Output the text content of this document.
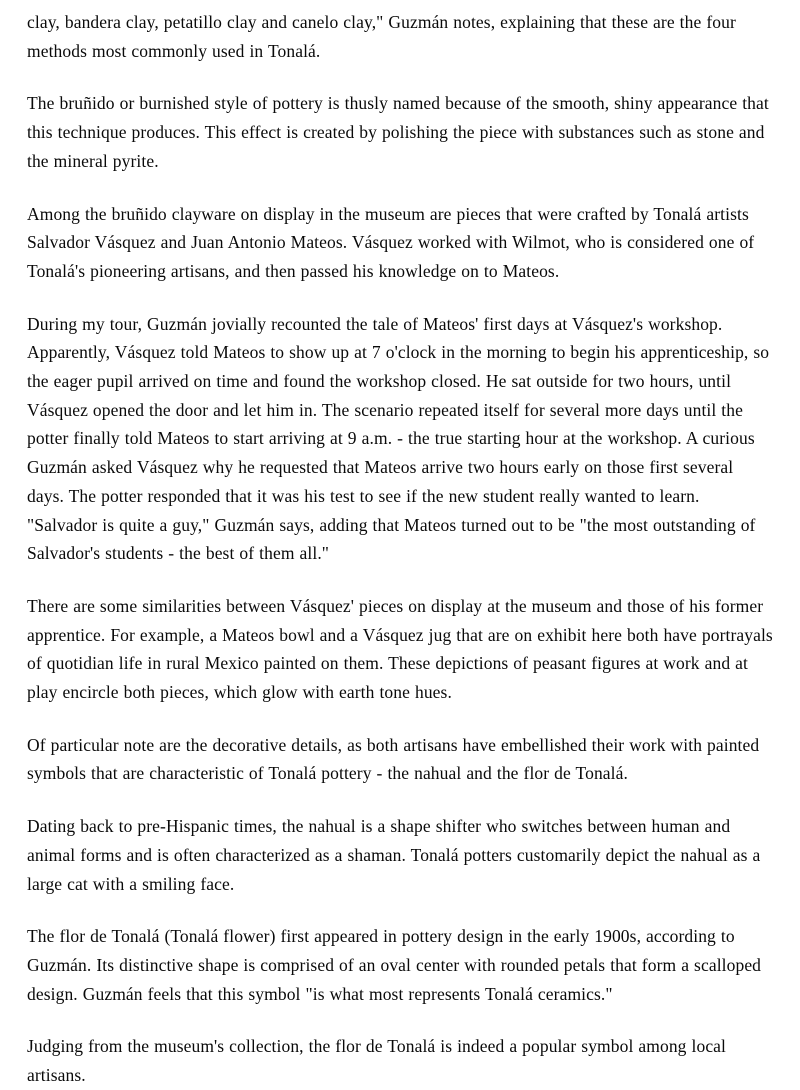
clay, bandera clay, petatillo clay and canelo clay," Guzmán notes, explaining that these are the four methods most commonly used in Tonalá.

The bruñido or burnished style of pottery is thusly named because of the smooth, shiny appearance that this technique produces. This effect is created by polishing the piece with substances such as stone and the mineral pyrite.

Among the bruñido clayware on display in the museum are pieces that were crafted by Tonalá artists Salvador Vásquez and Juan Antonio Mateos. Vásquez worked with Wilmot, who is considered one of Tonalá's pioneering artisans, and then passed his knowledge on to Mateos.

During my tour, Guzmán jovially recounted the tale of Mateos' first days at Vásquez's workshop. Apparently, Vásquez told Mateos to show up at 7 o'clock in the morning to begin his apprenticeship, so the eager pupil arrived on time and found the workshop closed. He sat outside for two hours, until Vásquez opened the door and let him in. The scenario repeated itself for several more days until the potter finally told Mateos to start arriving at 9 a.m. - the true starting hour at the workshop. A curious Guzmán asked Vásquez why he requested that Mateos arrive two hours early on those first several days. The potter responded that it was his test to see if the new student really wanted to learn. "Salvador is quite a guy," Guzmán says, adding that Mateos turned out to be "the most outstanding of Salvador's students - the best of them all."

There are some similarities between Vásquez' pieces on display at the museum and those of his former apprentice. For example, a Mateos bowl and a Vásquez jug that are on exhibit here both have portrayals of quotidian life in rural Mexico painted on them. These depictions of peasant figures at work and at play encircle both pieces, which glow with earth tone hues.

Of particular note are the decorative details, as both artisans have embellished their work with painted symbols that are characteristic of Tonalá pottery - the nahual and the flor de Tonalá.

Dating back to pre-Hispanic times, the nahual is a shape shifter who switches between human and animal forms and is often characterized as a shaman. Tonalá potters customarily depict the nahual as a large cat with a smiling face.

The flor de Tonalá (Tonalá flower) first appeared in pottery design in the early 1900s, according to Guzmán. Its distinctive shape is comprised of an oval center with rounded petals that form a scalloped design. Guzmán feels that this symbol "is what most represents Tonalá ceramics."

Judging from the museum's collection, the flor de Tonalá is indeed a popular symbol among local artisans.
